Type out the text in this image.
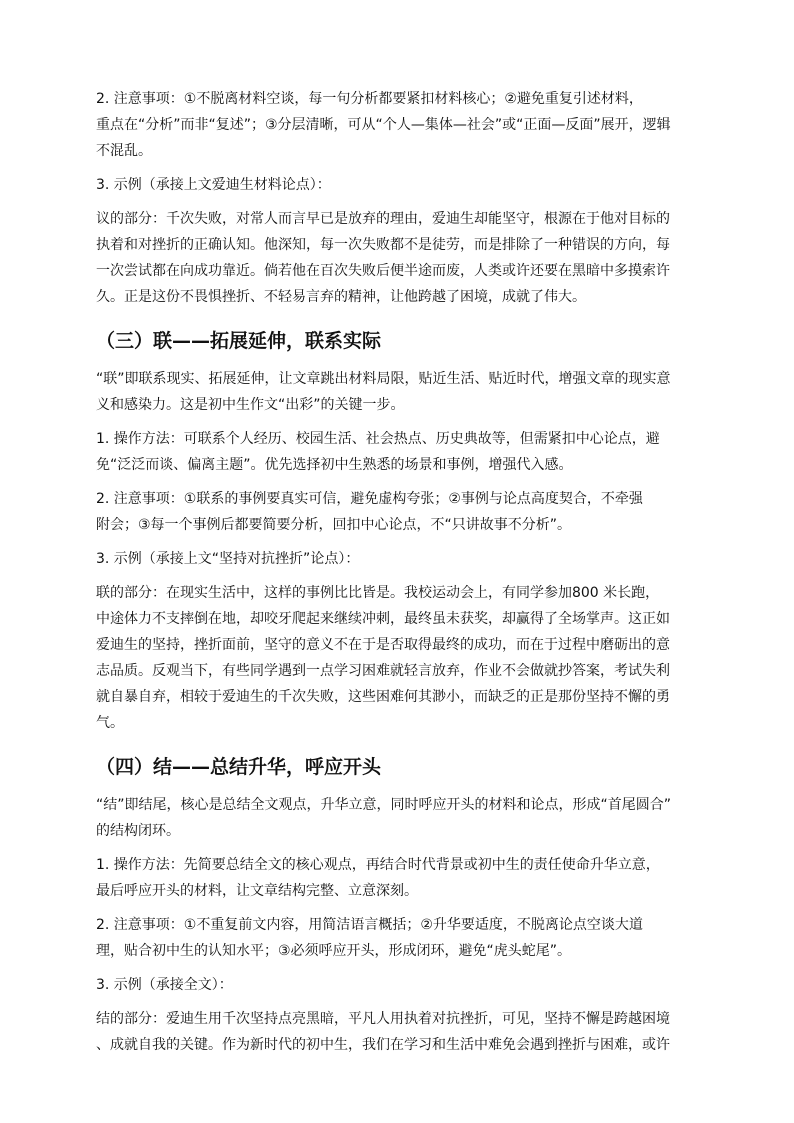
2. 注意事项：①不脱离材料空谈，每一句分析都要紧扣材料核心；②避免重复引述材料，
重点在“分析”而非“复述”；③分层清晰，可从“个人—集体—社会”或“正面—反面”展开，逻辑
不混乱。
3. 示例（承接上文爱迪生材料论点）：
议的部分：千次失败，对常人而言早已是放弃的理由，爱迪生却能坚守，根源在于他对目标的
执着和对挫折的正确认知。他深知，每一次失败都不是徒劳，而是排除了一种错误的方向，每
一次尝试都在向成功靠近。倘若他在百次失败后便半途而废，人类或许还要在黑暗中多摸索许
久。正是这份不畏惧挫折、不轻易言弃的精神，让他跨越了困境，成就了伟大。
（三）联——拓展延伸，联系实际
“联”即联系现实、拓展延伸，让文章跳出材料局限，贴近生活、贴近时代，增强文章的现实意
义和感染力。这是初中生作文“出彩”的关键一步。
1. 操作方法：可联系个人经历、校园生活、社会热点、历史典故等，但需紧扣中心论点，避
免“泛泛而谈、偏离主题”。优先选择初中生熟悉的场景和事例，增强代入感。
2. 注意事项：①联系的事例要真实可信，避免虚构夸张；②事例与论点高度契合，不牵强
附会；③每一个事例后都要简要分析，回扣中心论点，不“只讲故事不分析”。
3. 示例（承接上文“坚持对抗挫折”论点）：
联的部分：在现实生活中，这样的事例比比皆是。我校运动会上，有同学参加800 米长跑，
中途体力不支摔倒在地，却咬牙爬起来继续冲刺，最终虽未获奖，却赢得了全场掌声。这正如
爱迪生的坚持，挫折面前，坚守的意义不在于是否取得最终的成功，而在于过程中磨砺出的意
志品质。反观当下，有些同学遇到一点学习困难就轻言放弃，作业不会做就抄答案，考试失利
就自暴自弃，相较于爱迪生的千次失败，这些困难何其渺小，而缺乏的正是那份坚持不懈的勇
气。
（四）结——总结升华，呼应开头
“结”即结尾，核心是总结全文观点，升华立意，同时呼应开头的材料和论点，形成“首尾圆合”
的结构闭环。
1. 操作方法：先简要总结全文的核心观点，再结合时代背景或初中生的责任使命升华立意，
最后呼应开头的材料，让文章结构完整、立意深刻。
2. 注意事项：①不重复前文内容，用简洁语言概括；②升华要适度，不脱离论点空谈大道
理，贴合初中生的认知水平；③必须呼应开头，形成闭环，避免“虎头蛇尾”。
3. 示例（承接全文）：
结的部分：爱迪生用千次坚持点亮黑暗，平凡人用执着对抗挫折，可见，坚持不懈是跨越困境
、成就自我的关键。作为新时代的初中生，我们在学习和生活中难免会遇到挫折与困难，或许
